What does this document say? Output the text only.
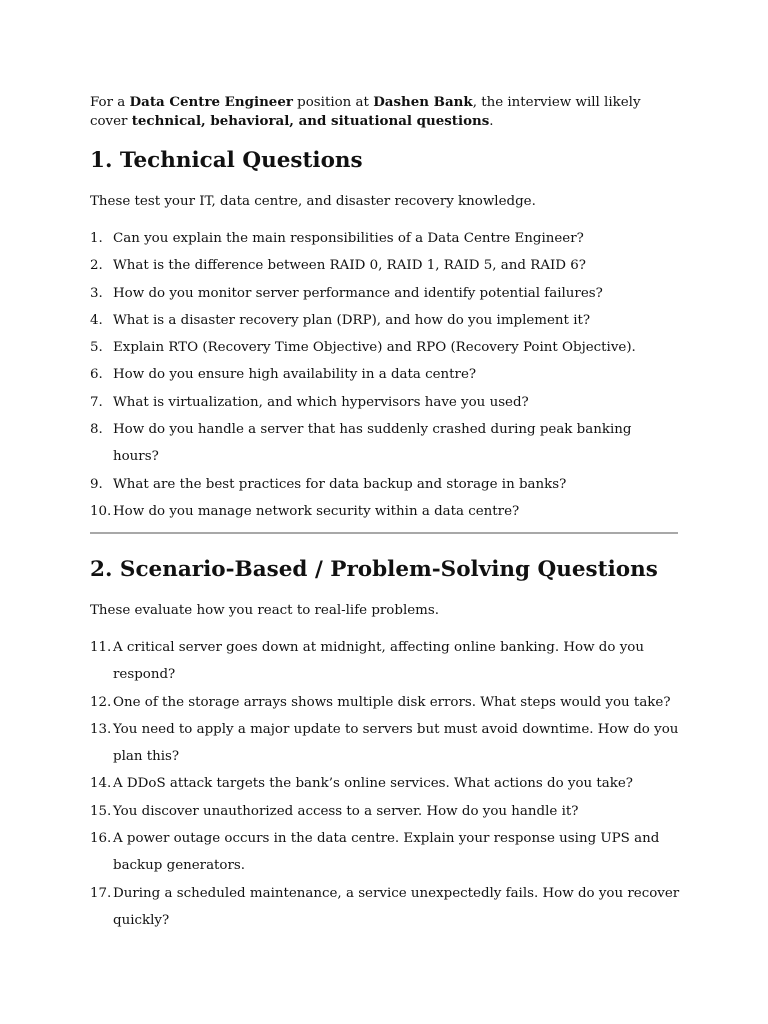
For a Data Centre Engineer position at Dashen Bank, the interview will likely cover technical, behavioral, and situational questions.

1. Technical Questions

These test your IT, data centre, and disaster recovery knowledge.

1. Can you explain the main responsibilities of a Data Centre Engineer?
2. What is the difference between RAID 0, RAID 1, RAID 5, and RAID 6?
3. How do you monitor server performance and identify potential failures?
4. What is a disaster recovery plan (DRP), and how do you implement it?
5. Explain RTO (Recovery Time Objective) and RPO (Recovery Point Objective).
6. How do you ensure high availability in a data centre?
7. What is virtualization, and which hypervisors have you used?
8. How do you handle a server that has suddenly crashed during peak banking hours?
9. What are the best practices for data backup and storage in banks?
10. How do you manage network security within a data centre?
2. Scenario-Based / Problem-Solving Questions

These evaluate how you react to real-life problems.

11. A critical server goes down at midnight, affecting online banking. How do you respond?
12. One of the storage arrays shows multiple disk errors. What steps would you take?
13. You need to apply a major update to servers but must avoid downtime. How do you plan this?
14. A DDoS attack targets the bank’s online services. What actions do you take?
15. You discover unauthorized access to a server. How do you handle it?
16. A power outage occurs in the data centre. Explain your response using UPS and backup generators.
17. During a scheduled maintenance, a service unexpectedly fails. How do you recover quickly?
